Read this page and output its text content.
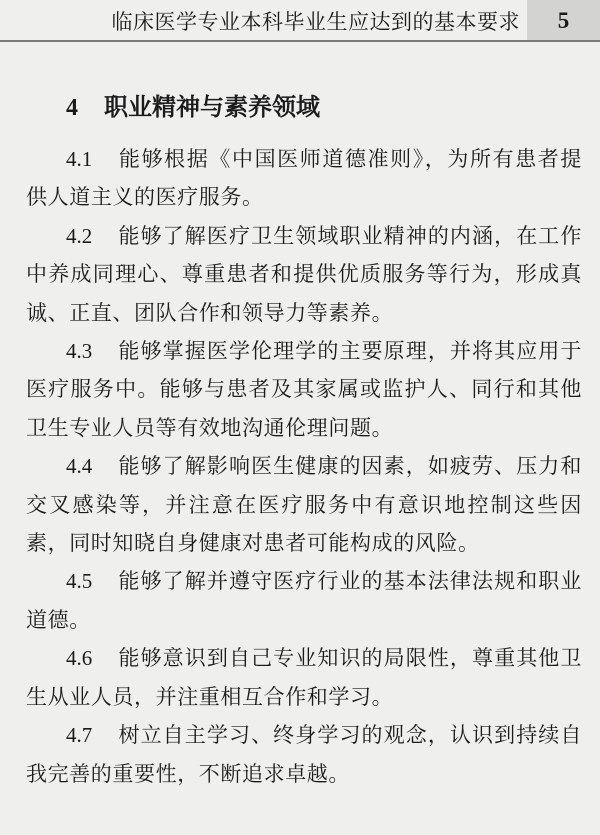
临床医学专业本科毕业生应达到的基本要求	5
4 职业精神与素养领域

4.1 能够根据《中国医师道德准则》，为所有患者提供人道主义的医疗服务。

4.2 能够了解医疗卫生领域职业精神的内涵，在工作中养成同理心、尊重患者和提供优质服务等行为，形成真诚、正直、团队合作和领导力等素养。

4.3 能够掌握医学伦理学的主要原理，并将其应用于医疗服务中。能够与患者及其家属或监护人、同行和其他卫生专业人员等有效地沟通伦理问题。

4.4 能够了解影响医生健康的因素，如疲劳、压力和交叉感染等，并注意在医疗服务中有意识地控制这些因素，同时知晓自身健康对患者可能构成的风险。

4.5 能够了解并遵守医疗行业的基本法律法规和职业道德。

4.6 能够意识到自己专业知识的局限性，尊重其他卫生从业人员，并注重相互合作和学习。

4.7 树立自主学习、终身学习的观念，认识到持续自我完善的重要性，不断追求卓越。
